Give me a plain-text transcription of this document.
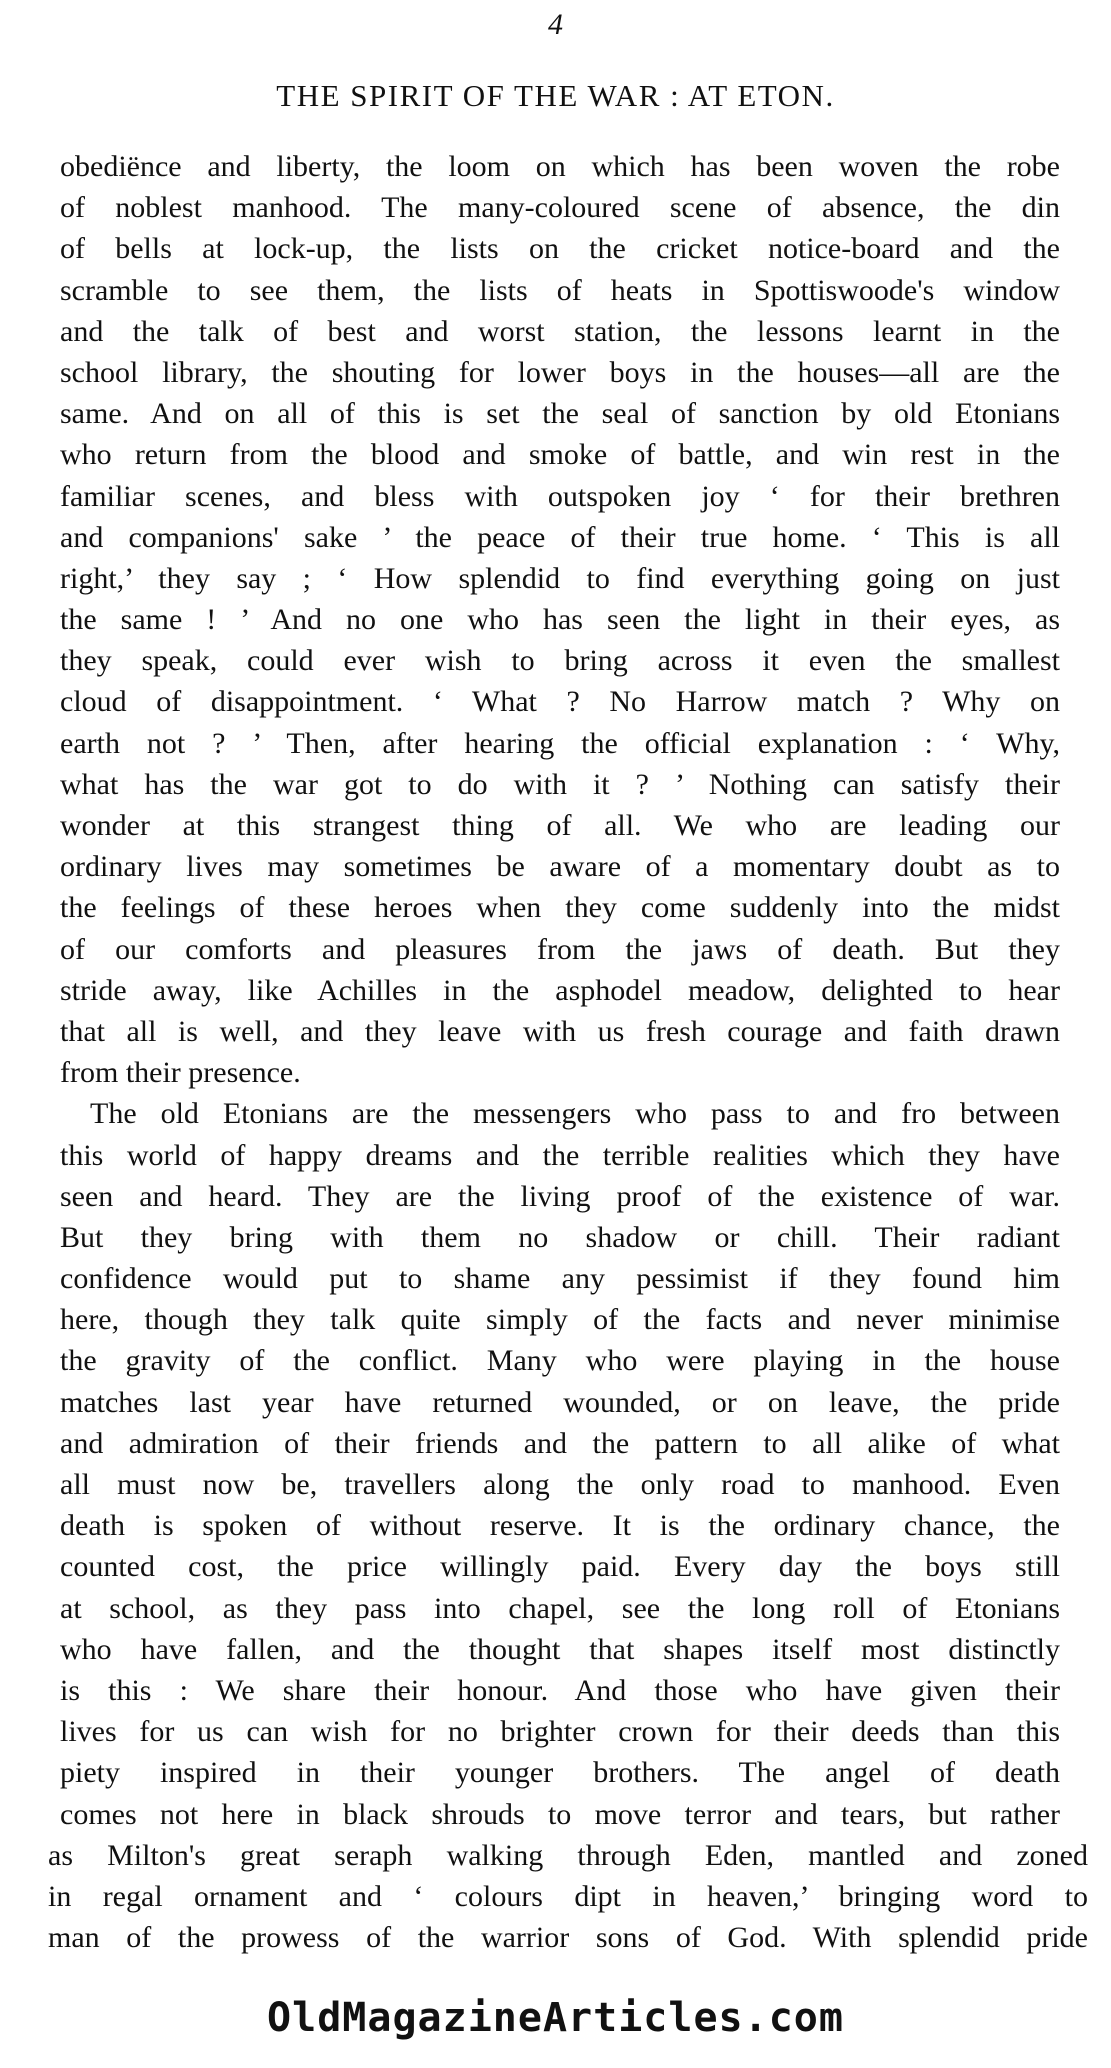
4
THE SPIRIT OF THE WAR : AT ETON.
obediënce and liberty, the loom on which has been woven the robe
of noblest manhood. The many-coloured scene of absence, the din
of bells at lock-up, the lists on the cricket notice-board and the
scramble to see them, the lists of heats in Spottiswoode's window
and the talk of best and worst station, the lessons learnt in the
school library, the shouting for lower boys in the houses—all are the
same. And on all of this is set the seal of sanction by old Etonians
who return from the blood and smoke of battle, and win rest in the
familiar scenes, and bless with outspoken joy ‘ for their brethren
and companions' sake ’ the peace of their true home. ‘ This is all
right,’ they say ; ‘ How splendid to find everything going on just
the same ! ’ And no one who has seen the light in their eyes, as
they speak, could ever wish to bring across it even the smallest
cloud of disappointment. ‘ What ? No Harrow match ? Why on
earth not ? ’ Then, after hearing the official explanation : ‘ Why,
what has the war got to do with it ? ’ Nothing can satisfy their
wonder at this strangest thing of all. We who are leading our
ordinary lives may sometimes be aware of a momentary doubt as to
the feelings of these heroes when they come suddenly into the midst
of our comforts and pleasures from the jaws of death. But they
stride away, like Achilles in the asphodel meadow, delighted to hear
that all is well, and they leave with us fresh courage and faith drawn
from their presence.
The old Etonians are the messengers who pass to and fro between
this world of happy dreams and the terrible realities which they have
seen and heard. They are the living proof of the existence of war.
But they bring with them no shadow or chill. Their radiant
confidence would put to shame any pessimist if they found him
here, though they talk quite simply of the facts and never minimise
the gravity of the conflict. Many who were playing in the house
matches last year have returned wounded, or on leave, the pride
and admiration of their friends and the pattern to all alike of what
all must now be, travellers along the only road to manhood. Even
death is spoken of without reserve. It is the ordinary chance, the
counted cost, the price willingly paid. Every day the boys still
at school, as they pass into chapel, see the long roll of Etonians
who have fallen, and the thought that shapes itself most distinctly
is this : We share their honour. And those who have given their
lives for us can wish for no brighter crown for their deeds than this
piety inspired in their younger brothers. The angel of death
comes not here in black shrouds to move terror and tears, but rather
as Milton's great seraph walking through Eden, mantled and zoned
in regal ornament and ‘ colours dipt in heaven,’ bringing word to
man of the prowess of the warrior sons of God. With splendid pride
OldMagazineArticles.com
